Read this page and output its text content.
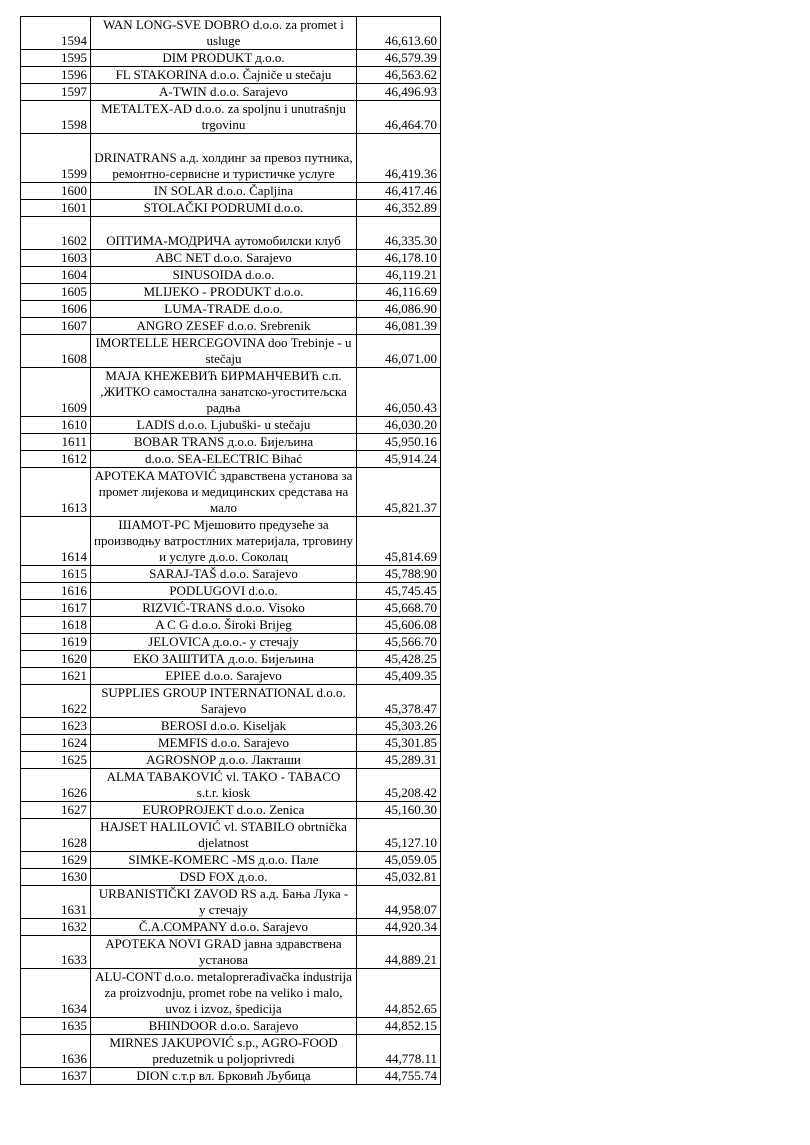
1594	WAN LONG-SVE DOBRO d.o.o. za promet i usluge	46,613.60
1595	DIM PRODUKT д.о.о.	46,579.39
1596	FL STAKORINA d.o.o. Čajniče u stečaju	46,563.62
1597	A-TWIN d.o.o. Sarajevo	46,496.93
1598	METALTEX-AD d.o.o. za spoljnu i unutrašnju trgovinu	46,464.70
1599	DRINATRANS а.д. холдинг за превоз путника, ремонтно-сервисне и туристичке услуге	46,419.36
1600	IN SOLAR d.o.o. Čapljina	46,417.46
1601	STOLAČKI PODRUMI d.o.o.	46,352.89
1602	ОПТИМА-МОДРИЧА аутомобилски клуб	46,335.30
1603	ABC NET d.o.o. Sarajevo	46,178.10
1604	SINUSOIDA d.o.o.	46,119.21
1605	MLIJEKO - PRODUKT d.o.o.	46,116.69
1606	LUMA-TRADE d.o.o.	46,086.90
1607	ANGRO ZESEF d.o.o. Srebrenik	46,081.39
1608	IMORTELLE HERCEGOVINA doo Trebinje - u stečaju	46,071.00
1609	МАЈА КНЕЖЕВИЋ БИРМАНЧЕВИЋ с.п. ,ЖИТКО самостална занатско-угоститељска радња	46,050.43
1610	LADIS d.o.o. Ljubuški- u stečaju	46,030.20
1611	BOBAR TRANS д.о.о. Бијељина	45,950.16
1612	d.o.o. SEA-ELECTRIC Bihać	45,914.24
1613	APOTEKA MATOVIĆ здравствена установа за промет лијекова и медицинских средстава на мало	45,821.37
1614	ШАМОТ-РС Мјешовито предузеће за производњу ватростлних материјала, трговину и услуге д.о.о. Соколац	45,814.69
1615	SARAJ-TAŠ d.o.o. Sarajevo	45,788.90
1616	PODLUGOVI d.o.o.	45,745.45
1617	RIZVIĆ-TRANS d.o.o. Visoko	45,668.70
1618	A C G d.o.o. Široki Brijeg	45,606.08
1619	JELOVICA д.о.о.- у стечају	45,566.70
1620	ЕКО ЗАШТИТА д.о.о. Бијељина	45,428.25
1621	EPIEE d.o.o. Sarajevo	45,409.35
1622	SUPPLIES GROUP INTERNATIONAL d.o.o. Sarajevo	45,378.47
1623	BEROSI d.o.o. Kiseljak	45,303.26
1624	MEMFIS d.o.o. Sarajevo	45,301.85
1625	AGROSNOP д.о.о. Лакташи	45,289.31
1626	ALMA TABAKOVIĆ vl. TAKO - TABACO s.t.r. kiosk	45,208.42
1627	EUROPROJEKT d.o.o. Zenica	45,160.30
1628	HAJSET HALILOVIĆ vl. STABILO obrtnička djelatnost	45,127.10
1629	SIMKE-KOMERC -MS д.о.о. Пале	45,059.05
1630	DSD FOX д.о.о.	45,032.81
1631	URBANISTIČKI ZAVOD RS а.д. Бања Лука - у стечају	44,958.07
1632	Č.A.COMPANY d.o.o. Sarajevo	44,920.34
1633	APOTEKA NOVI GRAD јавна здравствена установа	44,889.21
1634	ALU-CONT d.o.o. metaloprerađivačka industrija za proizvodnju, promet robe na veliko i malo, uvoz i izvoz, špedicija	44,852.65
1635	BHINDOOR d.o.o. Sarajevo	44,852.15
1636	MIRNES JAKUPOVIĆ s.p., AGRO-FOOD preduzetnik u poljoprivredi	44,778.11
1637	DION с.т.р вл. Брковић Љубица	44,755.74
